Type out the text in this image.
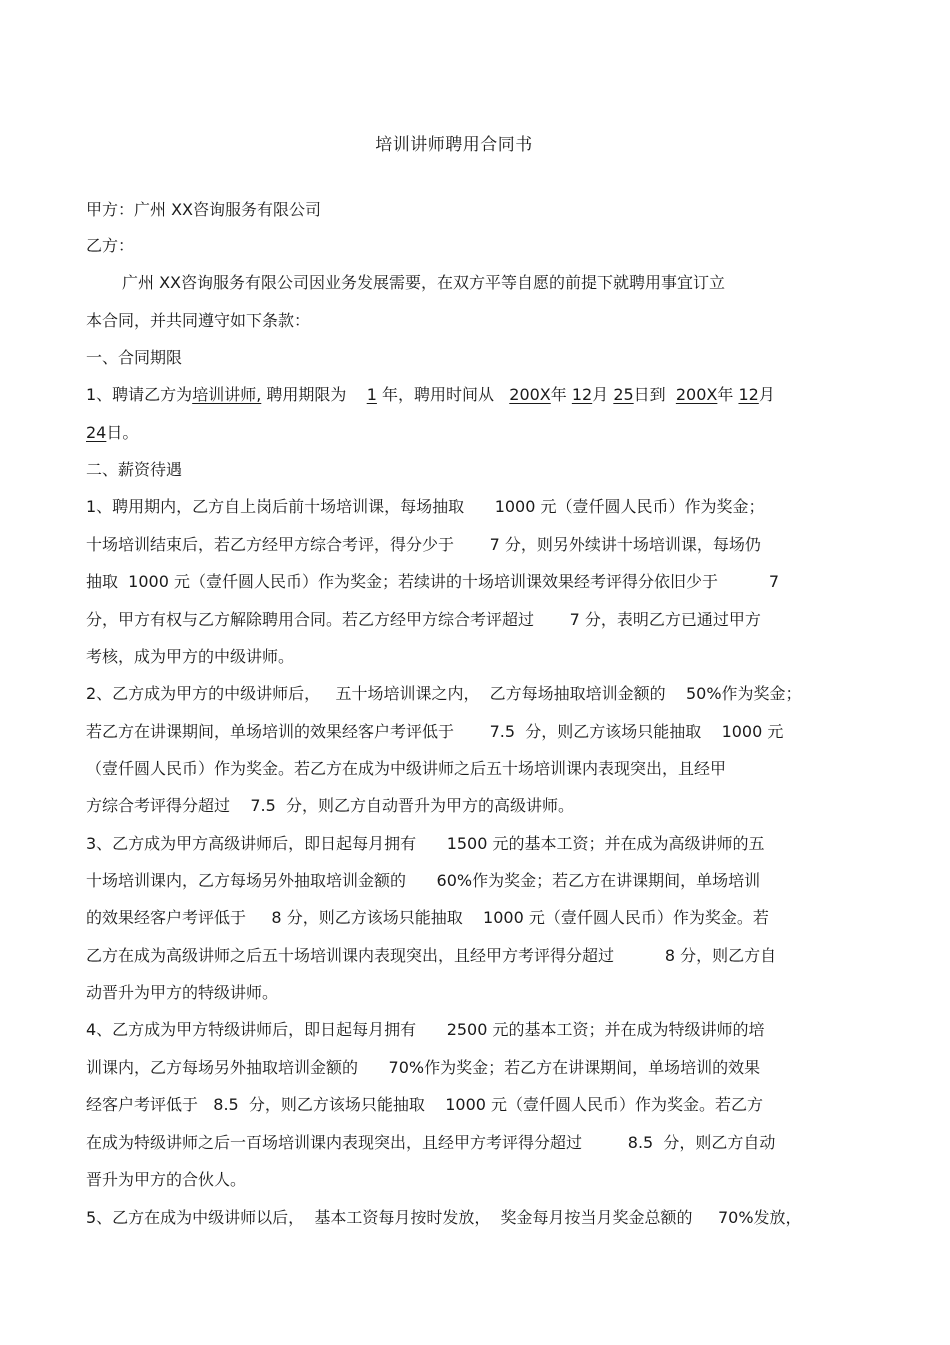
培训讲师聘用合同书
甲方：广州 XX咨询服务有限公司
乙方：
广州 XX咨询服务有限公司因业务发展需要，在双方平等自愿的前提下就聘用事宜订立
本合同，并共同遵守如下条款：
一、合同期限
1、聘请乙方为培训讲师, 聘用期限为    1 年，聘用时间从   200X年 12月 25日到  200X年 12月
24日。
二、薪资待遇
1、聘用期内，乙方自上岗后前十场培训课，每场抽取      1000 元（壹仟圆人民币）作为奖金；
十场培训结束后，若乙方经甲方综合考评，得分少于       7 分，则另外续讲十场培训课，每场仍
抽取  1000 元（壹仟圆人民币）作为奖金；若续讲的十场培训课效果经考评得分依旧少于          7
分，甲方有权与乙方解除聘用合同。若乙方经甲方综合考评超过       7 分，表明乙方已通过甲方
考核，成为甲方的中级讲师。
2、乙方成为甲方的中级讲师后，   五十场培训课之内，  乙方每场抽取培训金额的    50%作为奖金；
若乙方在讲课期间，单场培训的效果经客户考评低于       7.5  分，则乙方该场只能抽取    1000 元
（壹仟圆人民币）作为奖金。若乙方在成为中级讲师之后五十场培训课内表现突出，且经甲
方综合考评得分超过    7.5  分，则乙方自动晋升为甲方的高级讲师。
3、乙方成为甲方高级讲师后，即日起每月拥有      1500 元的基本工资；并在成为高级讲师的五
十场培训课内，乙方每场另外抽取培训金额的      60%作为奖金；若乙方在讲课期间，单场培训
的效果经客户考评低于     8 分，则乙方该场只能抽取    1000 元（壹仟圆人民币）作为奖金。若
乙方在成为高级讲师之后五十场培训课内表现突出，且经甲方考评得分超过          8 分，则乙方自
动晋升为甲方的特级讲师。
4、乙方成为甲方特级讲师后，即日起每月拥有      2500 元的基本工资；并在成为特级讲师的培
训课内，乙方每场另外抽取培训金额的      70%作为奖金；若乙方在讲课期间，单场培训的效果
经客户考评低于   8.5  分，则乙方该场只能抽取    1000 元（壹仟圆人民币）作为奖金。若乙方
在成为特级讲师之后一百场培训课内表现突出，且经甲方考评得分超过         8.5  分，则乙方自动
晋升为甲方的合伙人。
5、乙方在成为中级讲师以后，  基本工资每月按时发放，  奖金每月按当月奖金总额的     70%发放，
